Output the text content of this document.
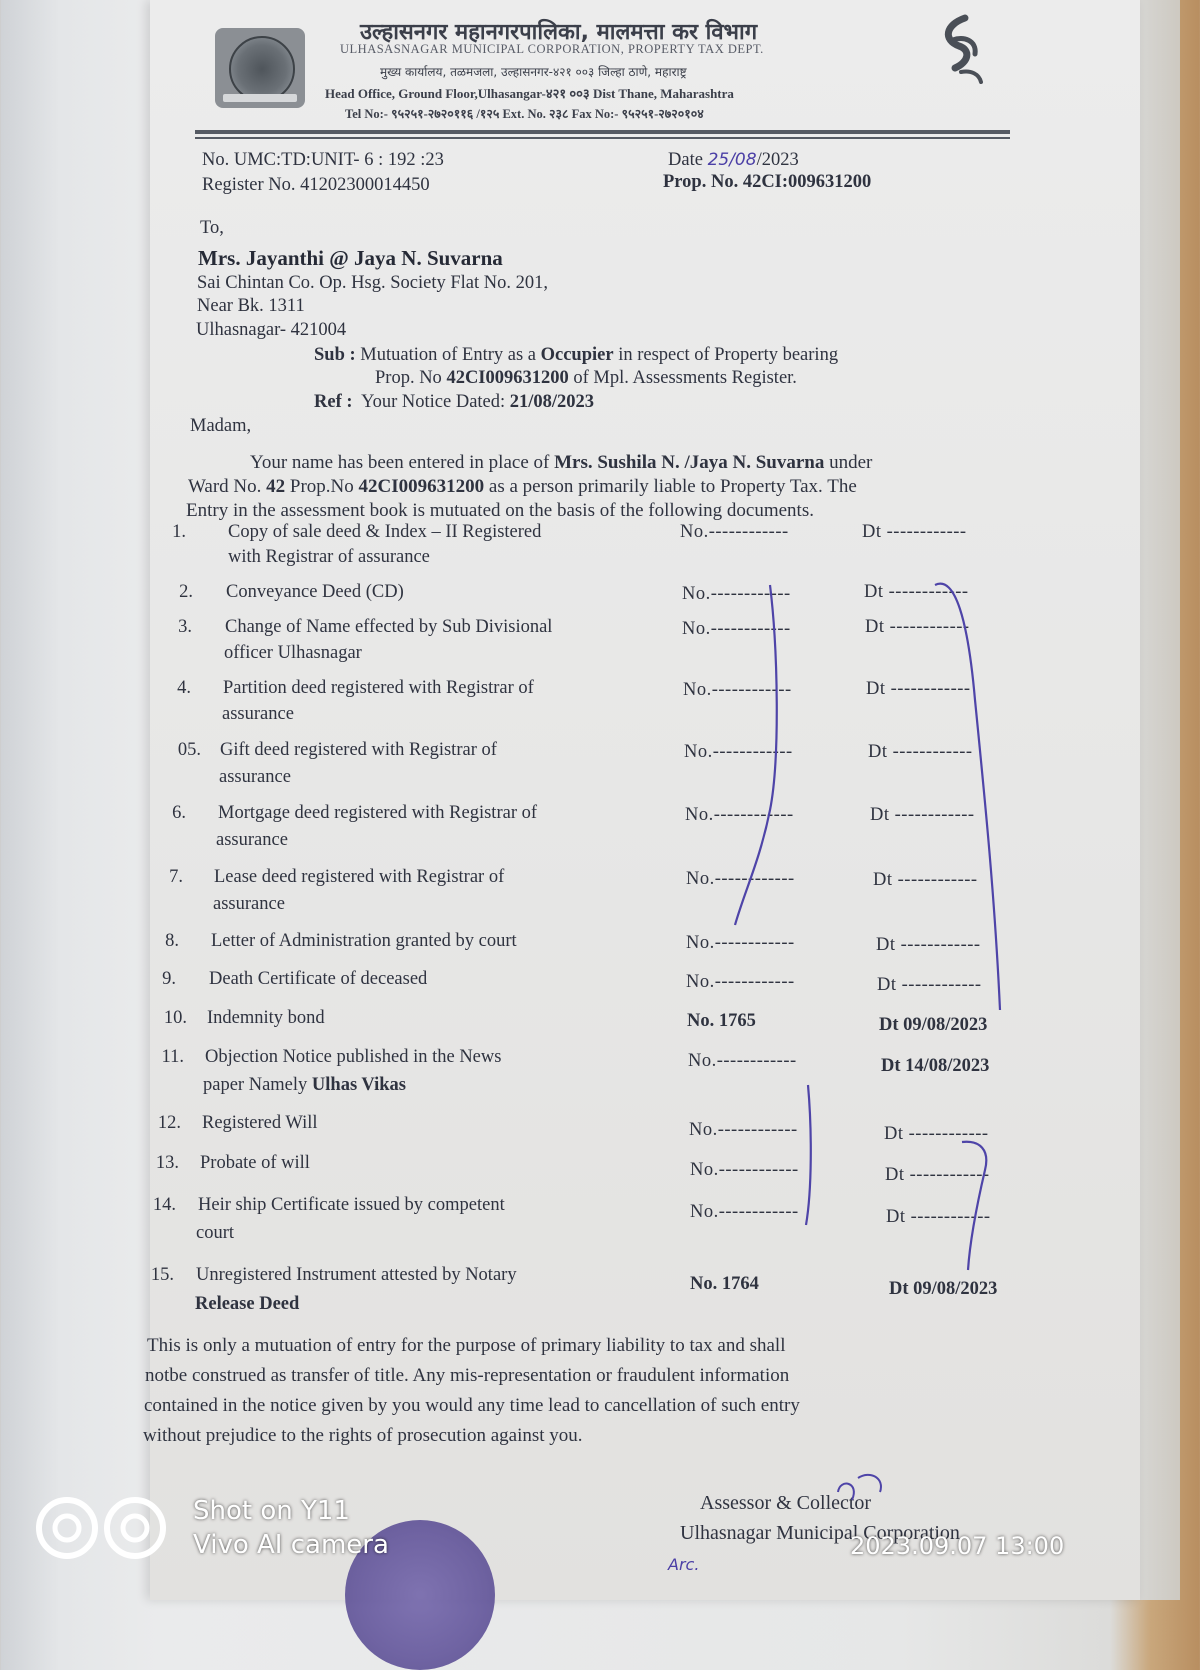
उल्हासनगर महानगरपालिका, मालमत्ता कर विभाग
ULHASASNAGAR MUNICIPAL CORPORATION, PROPERTY TAX DEPT.
मुख्य कार्यालय, तळमजला, उल्हासनगर-४२१ ००३ जिल्हा ठाणे, महाराष्ट्र
Head Office, Ground Floor,Ulhasangar-४२१ ००३ Dist Thane, Maharashtra
Tel No:- ९५२५१-२७२०११६ /१२५ Ext. No. २३८ Fax No:- ९५२५१-२७२०१०४
No. UMC:TD:UNIT- 6 : 192 :23
Register No. 41202300014450
Date 25/08/2023
Prop. No. 42CI:009631200
To,
Mrs. Jayanthi @ Jaya N. Suvarna
Sai Chintan Co. Op. Hsg. Society Flat No. 201,
Near Bk. 1311
Ulhasnagar- 421004
Sub : Mutuation of Entry as a Occupier in respect of Property bearing
Prop. No 42CI009631200 of Mpl. Assessments Register.
Ref : Your Notice Dated: 21/08/2023
Madam,
Your name has been entered in place of Mrs. Sushila N. /Jaya N. Suvarna under
Ward No. 42 Prop.No 42CI009631200 as a person primarily liable to Property Tax. The
Entry in the assessment book is mutuated on the basis of the following documents.
1. Copy of sale deed & Index – II Registered
with Registrar of assurance
No.------------	Dt ------------
2. Conveyance Deed (CD)	No.------------	Dt ------------
3. Change of Name effected by Sub Divisional
officer Ulhasnagar
No.------------	Dt ------------
4. Partition deed registered with Registrar of
assurance
No.------------	Dt ------------
05. Gift deed registered with Registrar of
assurance
No.------------	Dt ------------
6. Mortgage deed registered with Registrar of
assurance
No.------------	Dt ------------
7. Lease deed registered with Registrar of
assurance
No.------------	Dt ------------
8. Letter of Administration granted by court	No.------------	Dt ------------
9. Death Certificate of deceased	No.------------	Dt ------------
10. Indemnity bond	No. 1765	Dt 09/08/2023
11. Objection Notice published in the News
paper Namely Ulhas Vikas
No.------------	Dt 14/08/2023
12. Registered Will	No.------------	Dt ------------
13. Probate of will	No.------------	Dt ------------
14. Heir ship Certificate issued by competent
court
No.------------	Dt ------------
15. Unregistered Instrument attested by Notary
Release Deed
No. 1764	Dt 09/08/2023
This is only a mutuation of entry for the purpose of primary liability to tax and shall
notbe construed as transfer of title. Any mis-representation or fraudulent information
contained in the notice given by you would any time lead to cancellation of such entry
without prejudice to the rights of prosecution against you.
Assessor & Collector
Ulhasnagar Municipal Corporation
Arc.
Shot on Y11
Vivo AI camera	2023.09.07 13:00
